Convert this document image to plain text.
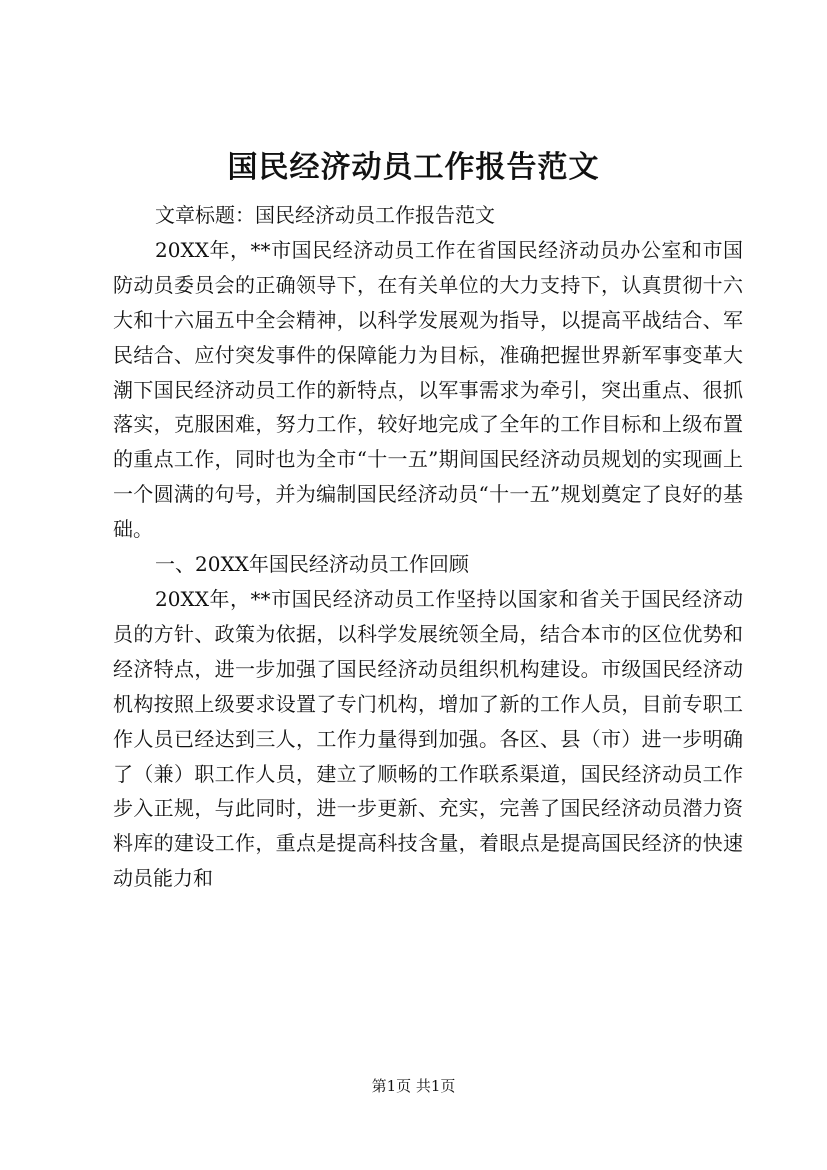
国民经济动员工作报告范文

文章标题：国民经济动员工作报告范文

20XX年，**市国民经济动员工作在省国民经济动员办公室和市国防动员委员会的正确领导下，在有关单位的大力支持下，认真贯彻十六大和十六届五中全会精神，以科学发展观为指导，以提高平战结合、军民结合、应付突发事件的保障能力为目标，准确把握世界新军事变革大潮下国民经济动员工作的新特点，以军事需求为牵引，突出重点、很抓落实，克服困难，努力工作，较好地完成了全年的工作目标和上级布置的重点工作，同时也为全市“十一五”期间国民经济动员规划的实现画上一个圆满的句号，并为编制国民经济动员“十一五”规划奠定了良好的基础。

一、20XX年国民经济动员工作回顾

20XX年，**市国民经济动员工作坚持以国家和省关于国民经济动员的方针、政策为依据，以科学发展统领全局，结合本市的区位优势和经济特点，进一步加强了国民经济动员组织机构建设。市级国民经济动机构按照上级要求设置了专门机构，增加了新的工作人员，目前专职工作人员已经达到三人，工作力量得到加强。各区、县（市）进一步明确了（兼）职工作人员，建立了顺畅的工作联系渠道，国民经济动员工作步入正规，与此同时，进一步更新、充实，完善了国民经济动员潜力资料库的建设工作，重点是提高科技含量，着眼点是提高国民经济的快速动员能力和

第1页 共1页
